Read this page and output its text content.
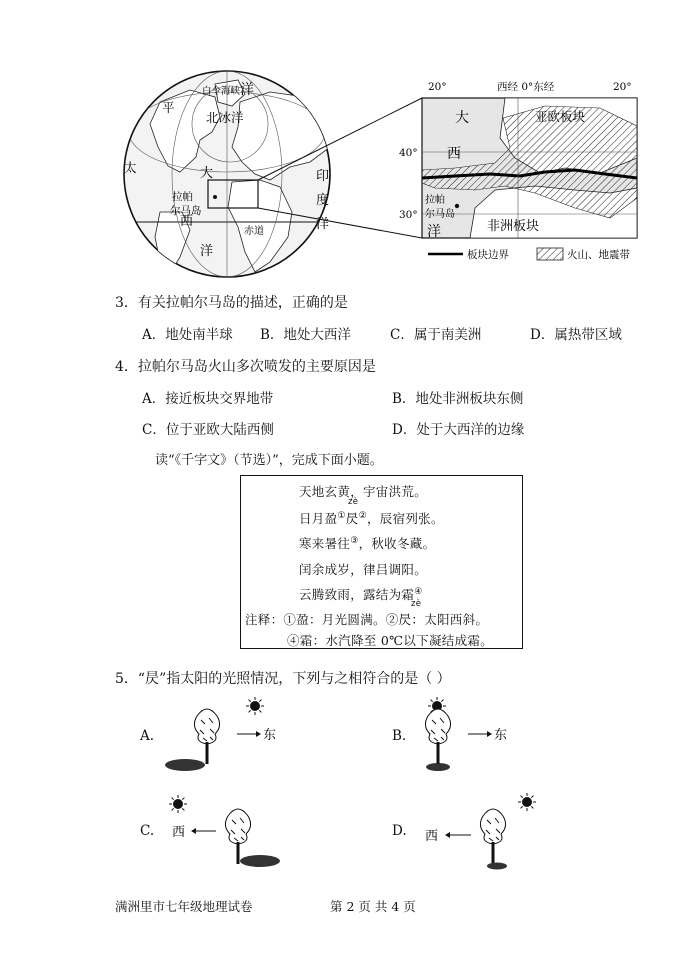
白令海峡
北冰洋
洋
平
太	大
西
洋
拉帕
尔马岛
印
度
洋
赤道
20°	西经 0°东经	20°
40°
30°
大
西
洋
亚欧板块
非洲板块
拉帕
尔马岛
板块边界	火山、地震带
3．有关拉帕尔马岛的描述，正确的是
A．地处南半球 B．地处大西洋	C．属于南美洲	D．属热带区域
4．拉帕尔马岛火山多次喷发的主要原因是
A．接近板块交界地带	B．地处非洲板块东侧
C．位于亚欧大陆西侧	D．处于大西洋的边缘
读“《千字文》（节选）”，完成下面小题。
天地玄黄，宇宙洪荒。
zè
日月盈①昃②，辰宿列张。
寒来暑往③，秋收冬藏。
闰余成岁，律吕调阳。
云腾致雨，露结为霜④
zè
注释：①盈：月光圆满。②昃：太阳西斜。
④霜：水汽降至 0℃以下凝结成霜。
5．“昃”指太阳的光照情况，下列与之相符合的是（ ）
A.	东	B.	东
C. 西	D. 西
满洲里市七年级地理试卷	第 2 页 共 4 页
